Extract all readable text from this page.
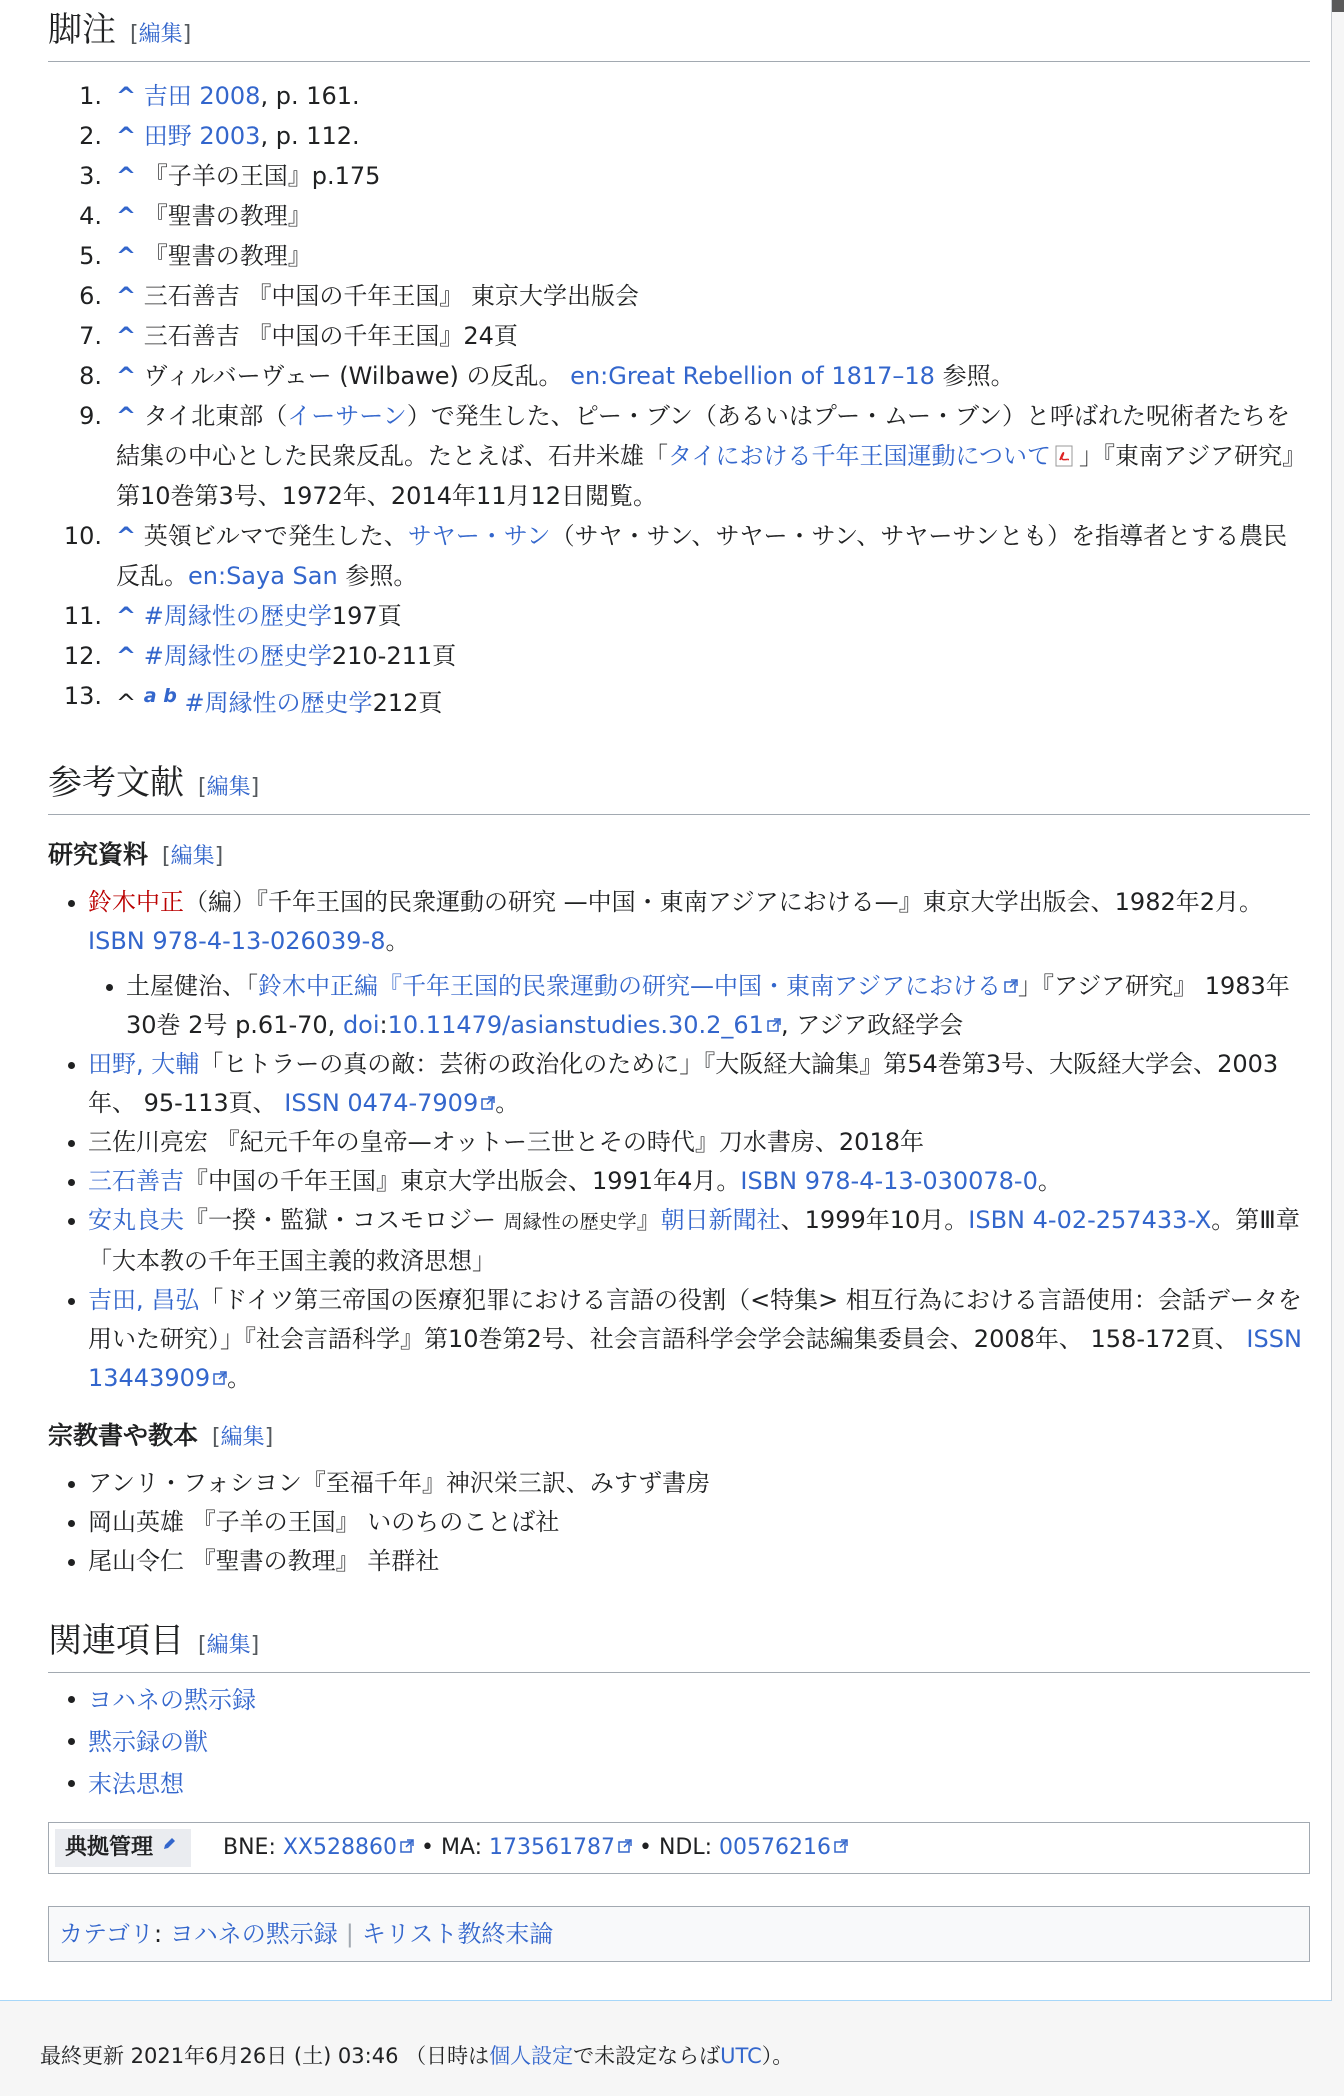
脚注 [編集]
1. ^ 吉田 2008, p. 161.
2. ^ 田野 2003, p. 112.
3. ^ 『子羊の王国』p.175
4. ^ 『聖書の教理』
5. ^ 『聖書の教理』
6. ^ 三石善吉 『中国の千年王国』 東京大学出版会
7. ^ 三石善吉 『中国の千年王国』24頁
8. ^ ヴィルバーヴェー (Wilbawe) の反乱。 en:Great Rebellion of 1817–18 参照。
9. ^ タイ北東部（イーサーン）で発生した、ピー・ブン（あるいはプー・ムー・ブン）と呼ばれた呪術者たちを結集の中心とした民衆反乱。たとえば、石井米雄「タイにおける千年王国運動について 」『東南アジア研究』第10巻第3号、1972年、2014年11月12日閲覧。
10. ^ 英領ビルマで発生した、サヤー・サン（サヤ・サン、サヤー・サン、サヤーサンとも）を指導者とする農民反乱。en:Saya San 参照。
11. ^ #周縁性の歴史学197頁
12. ^ #周縁性の歴史学210-211頁
13. ^ $^{a b}$ #周縁性の歴史学212頁
参考文献 [編集]
研究資料 [編集]
鈴木中正（編）『千年王国的民衆運動の研究 —中国・東南アジアにおける—』東京大学出版会、1982年2月。ISBN 978-4-13-026039-8。
土屋健治、「鈴木中正編『千年王国的民衆運動の研究—中国・東南アジアにおける 」『アジア研究』 1983年 30巻 2号 p.61-70, doi:10.11479/asianstudies.30.2_61 , アジア政経学会
田野, 大輔「ヒトラーの真の敵：芸術の政治化のために」『大阪経大論集』第54巻第3号、大阪経大学会、2003年、 95-113頁、 ISSN 0474-7909 。
三佐川亮宏 『紀元千年の皇帝—オットー三世とその時代』刀水書房、2018年
三石善吉『中国の千年王国』東京大学出版会、1991年4月。ISBN 978-4-13-030078-0。
安丸良夫『一揆・監獄・コスモロジー 周縁性の歴史学』朝日新聞社、1999年10月。ISBN 4-02-257433-X。第Ⅲ章「大本教の千年王国主義的救済思想」
吉田, 昌弘「ドイツ第三帝国の医療犯罪における言語の役割（<特集> 相互行為における言語使用：会話データを用いた研究）」『社会言語科学』第10巻第2号、社会言語科学会学会誌編集委員会、2008年、 158-172頁、 ISSN 13443909 。
宗教書や教本 [編集]
アンリ・フォシヨン『至福千年』神沢栄三訳、みすず書房
岡山英雄 『子羊の王国』 いのちのことば社
尾山令仁 『聖書の教理』 羊群社
関連項目 [編集]
ヨハネの黙示録
黙示録の獣
末法思想
典拠管理	BNE: XX528860 • MA: 173561787 • NDL: 00576216
カテゴリ: ヨハネの黙示録 | キリスト教終末論
最終更新 2021年6月26日 (土) 03:46 （日時は個人設定で未設定ならばUTC）。
